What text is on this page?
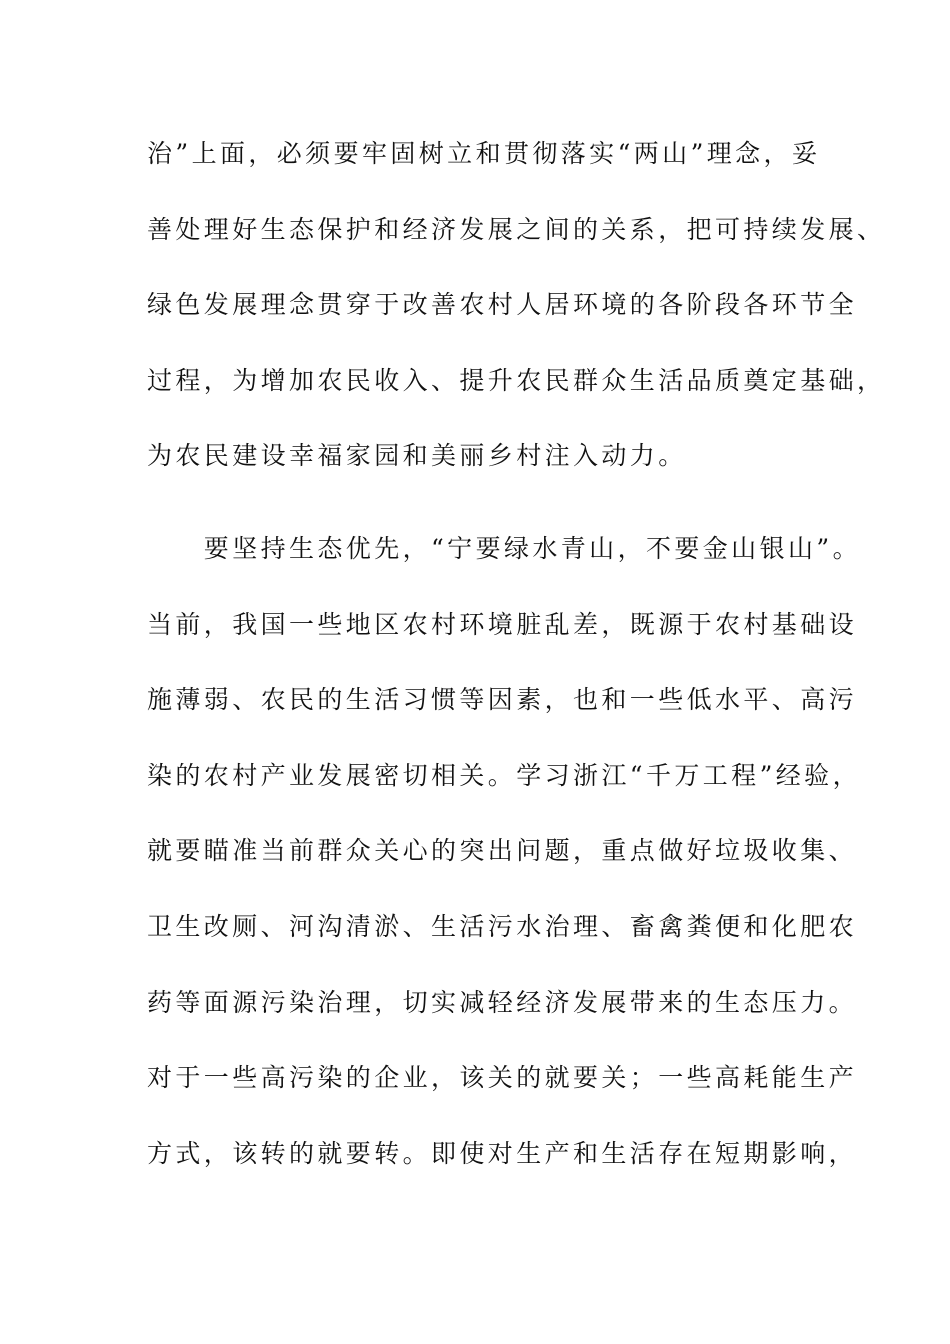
治”上面，必须要牢固树立和贯彻落实“两山”理念，妥
善处理好生态保护和经济发展之间的关系，把可持续发展、
绿色发展理念贯穿于改善农村人居环境的各阶段各环节全
过程，为增加农民收入、提升农民群众生活品质奠定基础，
为农民建设幸福家园和美丽乡村注入动力。
　　要坚持生态优先，“宁要绿水青山，不要金山银山”。
当前，我国一些地区农村环境脏乱差，既源于农村基础设
施薄弱、农民的生活习惯等因素，也和一些低水平、高污
染的农村产业发展密切相关。学习浙江“千万工程”经验，
就要瞄准当前群众关心的突出问题，重点做好垃圾收集、
卫生改厕、河沟清淤、生活污水治理、畜禽粪便和化肥农
药等面源污染治理，切实减轻经济发展带来的生态压力。
对于一些高污染的企业，该关的就要关；一些高耗能生产
方式，该转的就要转。即使对生产和生活存在短期影响，
